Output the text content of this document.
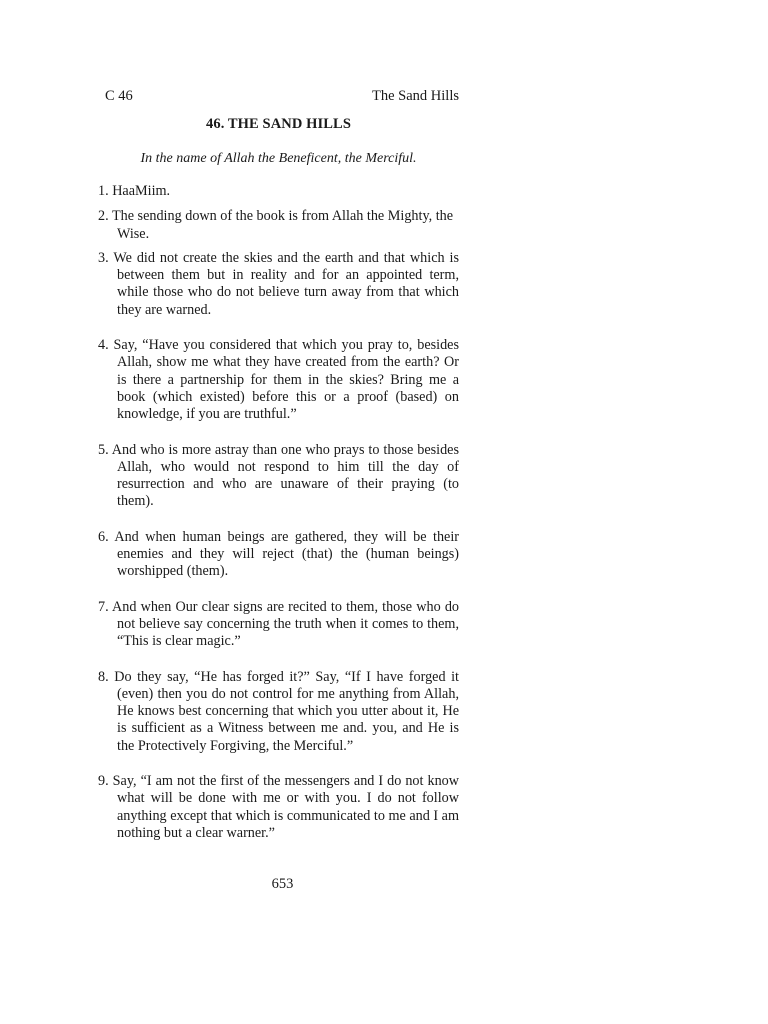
C 46	The Sand Hills
46. THE SAND HILLS
In the name of Allah the Beneficent, the Merciful.
1. HaaMiim.
2. The sending down of the book is from Allah the Mighty, the Wise.
3. We did not create the skies and the earth and that which is between them but in reality and for an appointed term, while those who do not believe turn away from that which they are warned.
4. Say, “Have you considered that which you pray to, besides Allah, show me what they have created from the earth? Or is there a partnership for them in the skies? Bring me a book (which existed) before this or a proof (based) on knowledge, if you are truthful.”
5. And who is more astray than one who prays to those besides Allah, who would not respond to him till the day of resurrection and who are unaware of their praying (to them).
6. And when human beings are gathered, they will be their enemies and they will reject (that) the (human beings) worshipped (them).
7. And when Our clear signs are recited to them, those who do not believe say concerning the truth when it comes to them, “This is clear magic.”
8. Do they say, “He has forged it?” Say, “If I have forged it (even) then you do not control for me anything from Allah, He knows best concerning that which you utter about it, He is sufficient as a Witness between me and. you, and He is the Protectively Forgiving, the Merciful.”
9. Say, “I am not the first of the messengers and I do not know what will be done with me or with you. I do not follow anything except that which is communicated to me and I am nothing but a clear warner.”
653
